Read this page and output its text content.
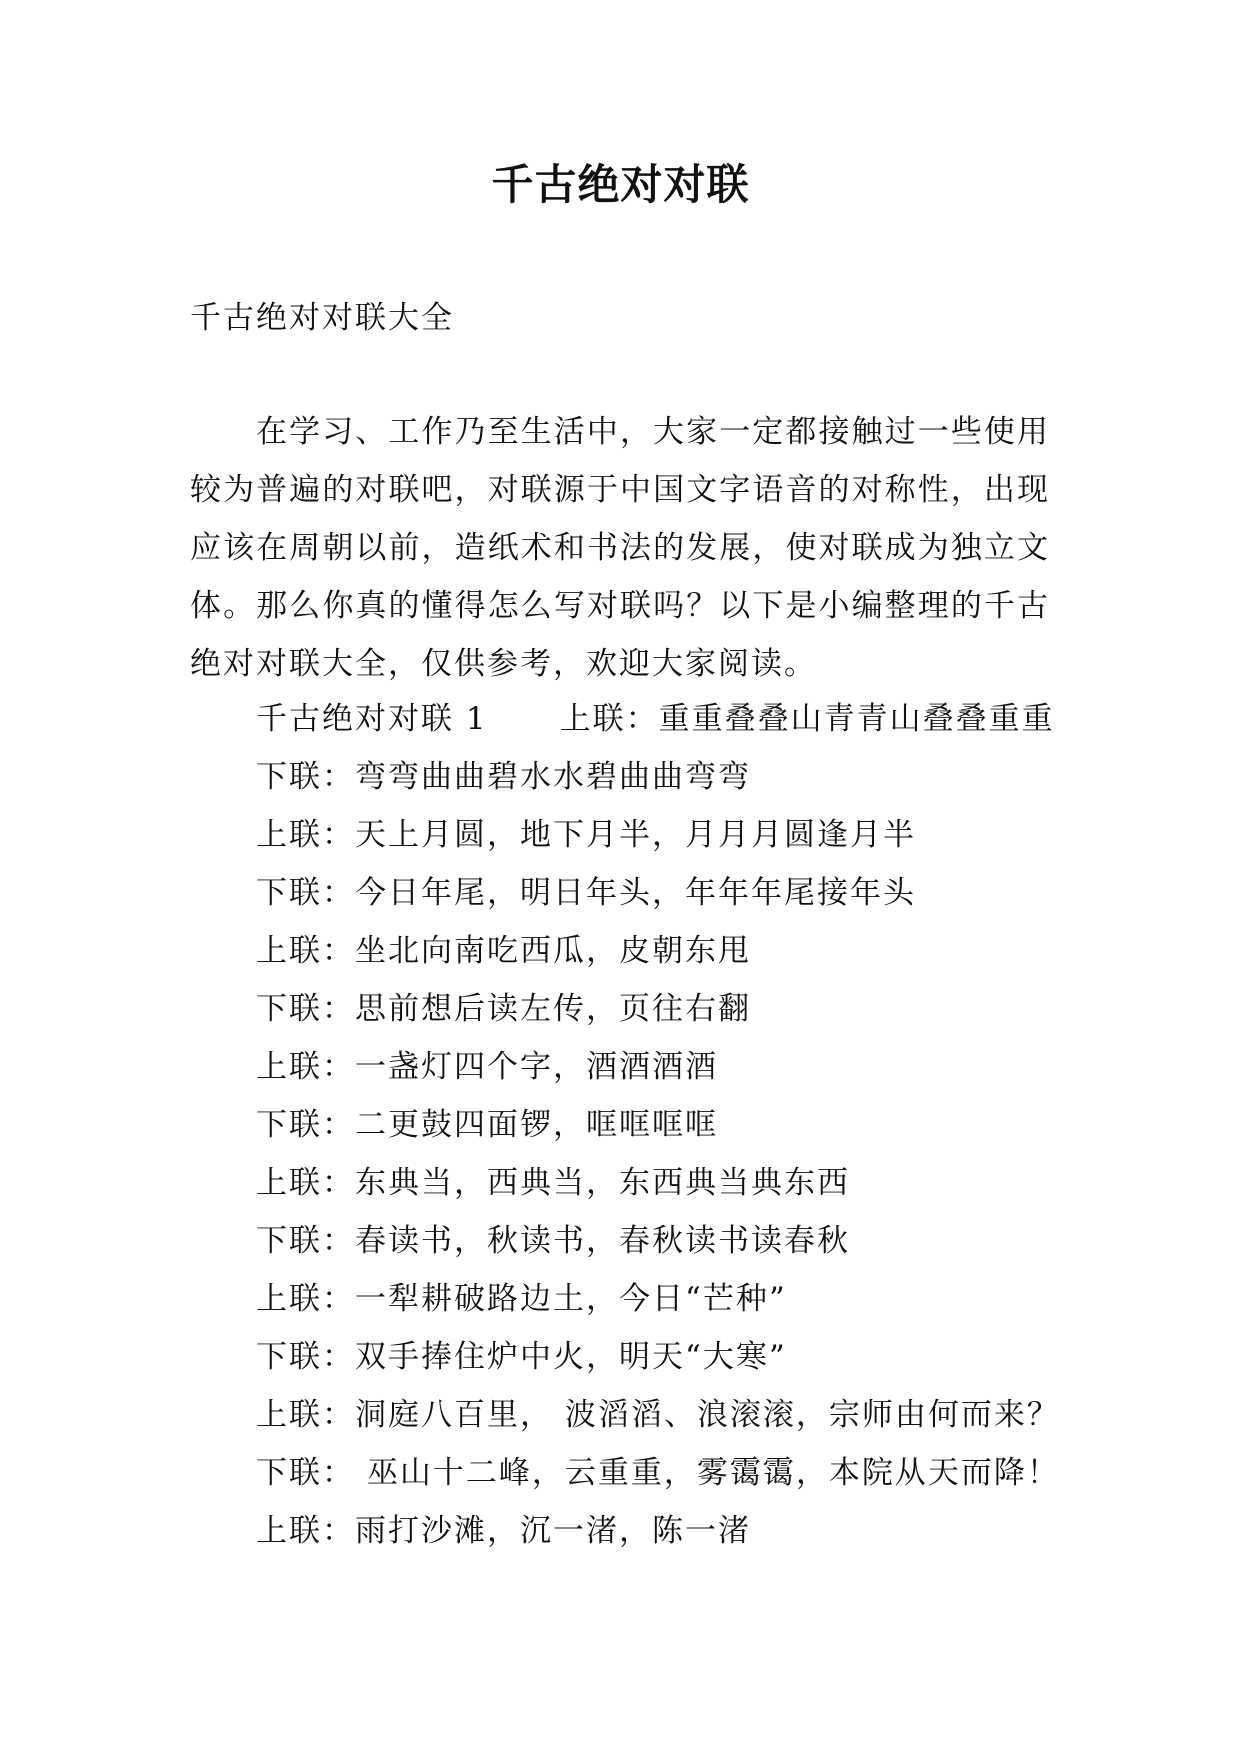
千古绝对对联
千古绝对对联大全

在学习、工作乃至生活中，大家一定都接触过一些使用较为普遍的对联吧，对联源于中国文字语音的对称性，出现应该在周朝以前，造纸术和书法的发展，使对联成为独立文体。那么你真的懂得怎么写对联吗？以下是小编整理的千古绝对对联大全，仅供参考，欢迎大家阅读。

千古绝对对联 1 上联：重重叠叠山青青山叠叠重重
下联：弯弯曲曲碧水水碧曲曲弯弯
上联：天上月圆，地下月半，月月月圆逢月半
下联：今日年尾，明日年头，年年年尾接年头
上联：坐北向南吃西瓜，皮朝东甩
下联：思前想后读左传，页往右翻
上联：一盏灯四个字，酒酒酒酒
下联：二更鼓四面锣，哐哐哐哐
上联：东典当，西典当，东西典当典东西
下联：春读书，秋读书，春秋读书读春秋
上联：一犁耕破路边土，今日“芒种”
下联：双手捧住炉中火，明天“大寒”
上联：洞庭八百里， 波滔滔、浪滚滚，宗师由何而来？
下联： 巫山十二峰，云重重，雾霭霭，本院从天而降！
上联：雨打沙滩，沉一渚，陈一渚
